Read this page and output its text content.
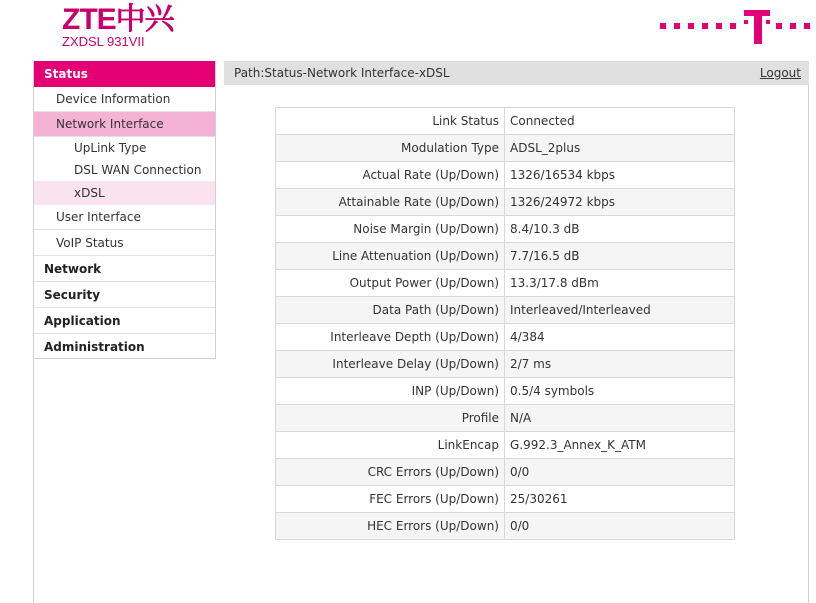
ZTE中兴
ZXDSL 931VII
Status
Device Information
Network Interface
UpLink Type
DSL WAN Connection
xDSL
User Interface
VoIP Status
Network
Security
Application
Administration
Path:Status-Network Interface-xDSL	Logout
Link Status	Connected
Modulation Type	ADSL_2plus
Actual Rate (Up/Down)	1326/16534 kbps
Attainable Rate (Up/Down)	1326/24972 kbps
Noise Margin (Up/Down)	8.4/10.3 dB
Line Attenuation (Up/Down)	7.7/16.5 dB
Output Power (Up/Down)	13.3/17.8 dBm
Data Path (Up/Down)	Interleaved/Interleaved
Interleave Depth (Up/Down)	4/384
Interleave Delay (Up/Down)	2/7 ms
INP (Up/Down)	0.5/4 symbols
Profile	N/A
LinkEncap	G.992.3_Annex_K_ATM
CRC Errors (Up/Down)	0/0
FEC Errors (Up/Down)	25/30261
HEC Errors (Up/Down)	0/0
